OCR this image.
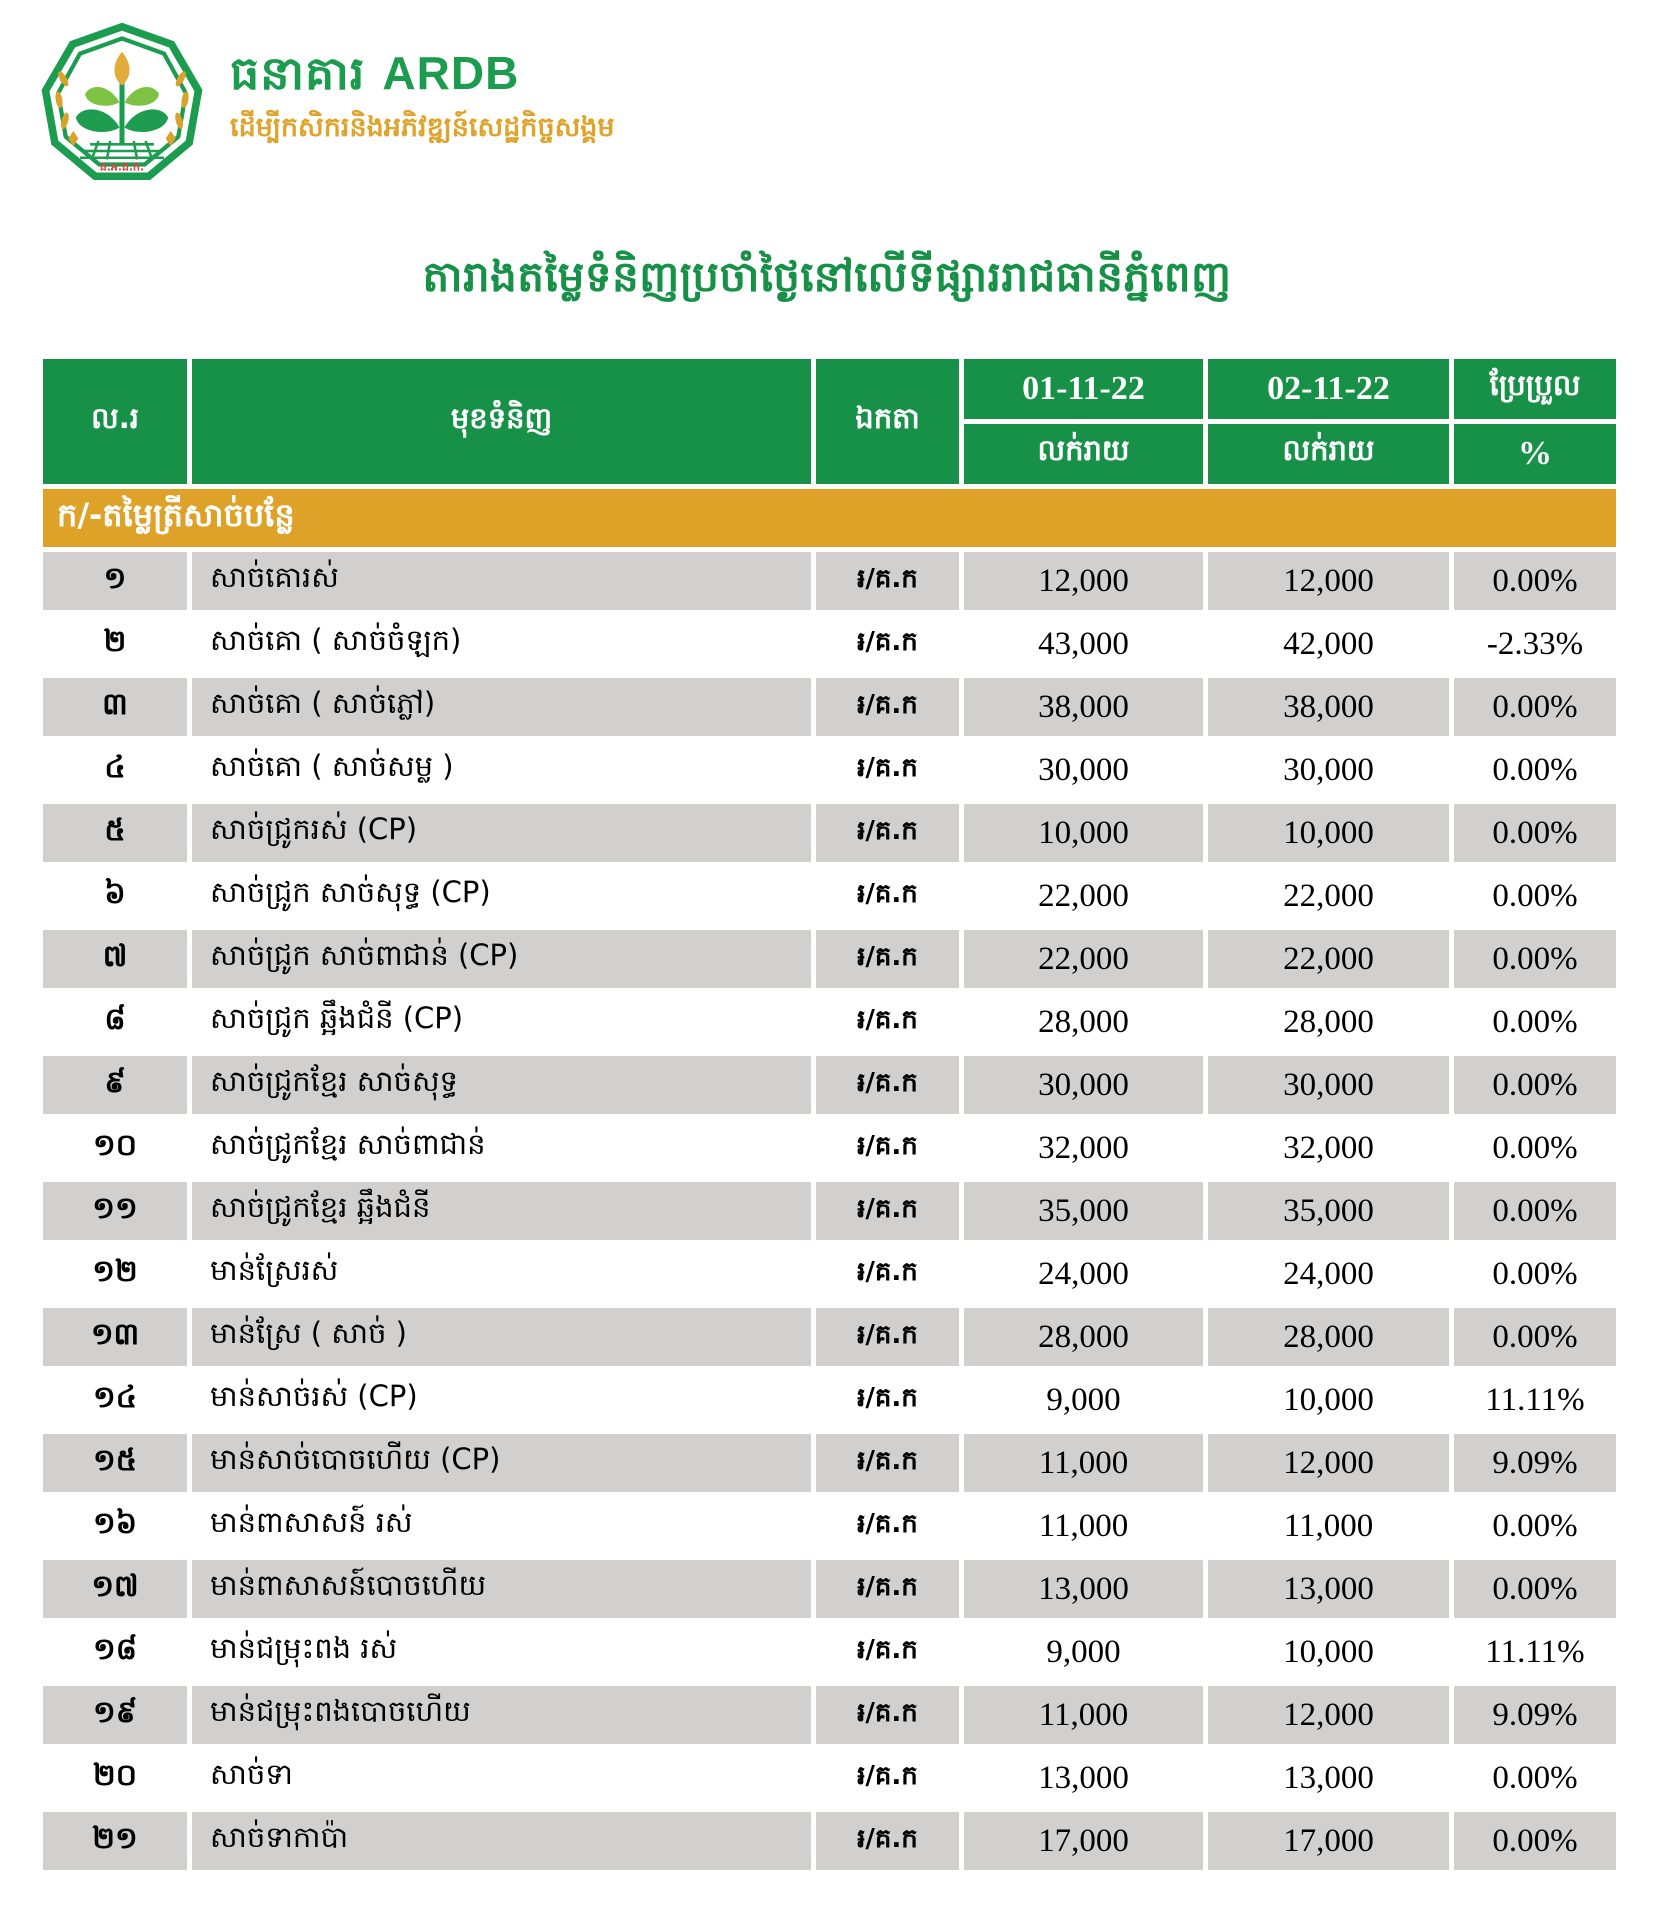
ធ.អ.ជ.ក.
ធនាគារ ARDB
ដើម្បីកសិករនិងអភិវឌ្ឍន៍សេដ្ឋកិច្ចសង្គម
តារាងតម្លៃទំនិញប្រចាំថ្ងៃនៅលើទីផ្សាររាជធានីភ្នំពេញ
ល.រ	មុខទំនិញ	ឯកតា
01-11-22	02-11-22	ប្រែប្រួល
លក់រាយ	លក់រាយ	%
ក/-តម្លៃត្រីសាច់បន្លែ
១	សាច់គោរស់	៛/គ.ក	12,000	12,000	0.00%
២	សាច់គោ ( សាច់ចំឡក)	៛/គ.ក	43,000	42,000	-2.33%
៣	សាច់គោ ( សាច់ភ្លៅ)	៛/គ.ក	38,000	38,000	0.00%
៤	សាច់គោ ( សាច់សម្ល )	៛/គ.ក	30,000	30,000	0.00%
៥	សាច់ជ្រូករស់ (CP)	៛/គ.ក	10,000	10,000	0.00%
៦	សាច់ជ្រូក សាច់សុទ្ធ (CP)	៛/គ.ក	22,000	22,000	0.00%
៧	សាច់ជ្រូក សាច់ពាជាន់ (CP)	៛/គ.ក	22,000	22,000	0.00%
៨	សាច់ជ្រូក ឆ្អឹងជំនី (CP)	៛/គ.ក	28,000	28,000	0.00%
៩	សាច់ជ្រូកខ្មែរ សាច់សុទ្ធ	៛/គ.ក	30,000	30,000	0.00%
១០	សាច់ជ្រូកខ្មែរ សាច់ពាជាន់	៛/គ.ក	32,000	32,000	0.00%
១១	សាច់ជ្រូកខ្មែរ ឆ្អឹងជំនី	៛/គ.ក	35,000	35,000	0.00%
១២	មាន់ស្រែរស់	៛/គ.ក	24,000	24,000	0.00%
១៣	មាន់ស្រែ ( សាច់ )	៛/គ.ក	28,000	28,000	0.00%
១៤	មាន់សាច់រស់ (CP)	៛/គ.ក	9,000	10,000	11.11%
១៥	មាន់សាច់បោចហើយ (CP)	៛/គ.ក	11,000	12,000	9.09%
១៦	មាន់ពាសាសន៍ រស់	៛/គ.ក	11,000	11,000	0.00%
១៧	មាន់ពាសាសន៍បោចហើយ	៛/គ.ក	13,000	13,000	0.00%
១៨	មាន់ជម្រុះពង រស់	៛/គ.ក	9,000	10,000	11.11%
១៩	មាន់ជម្រុះពងបោចហើយ	៛/គ.ក	11,000	12,000	9.09%
២០	សាច់ទា	៛/គ.ក	13,000	13,000	0.00%
២១	សាច់ទាកាប៉ា	៛/គ.ក	17,000	17,000	0.00%
